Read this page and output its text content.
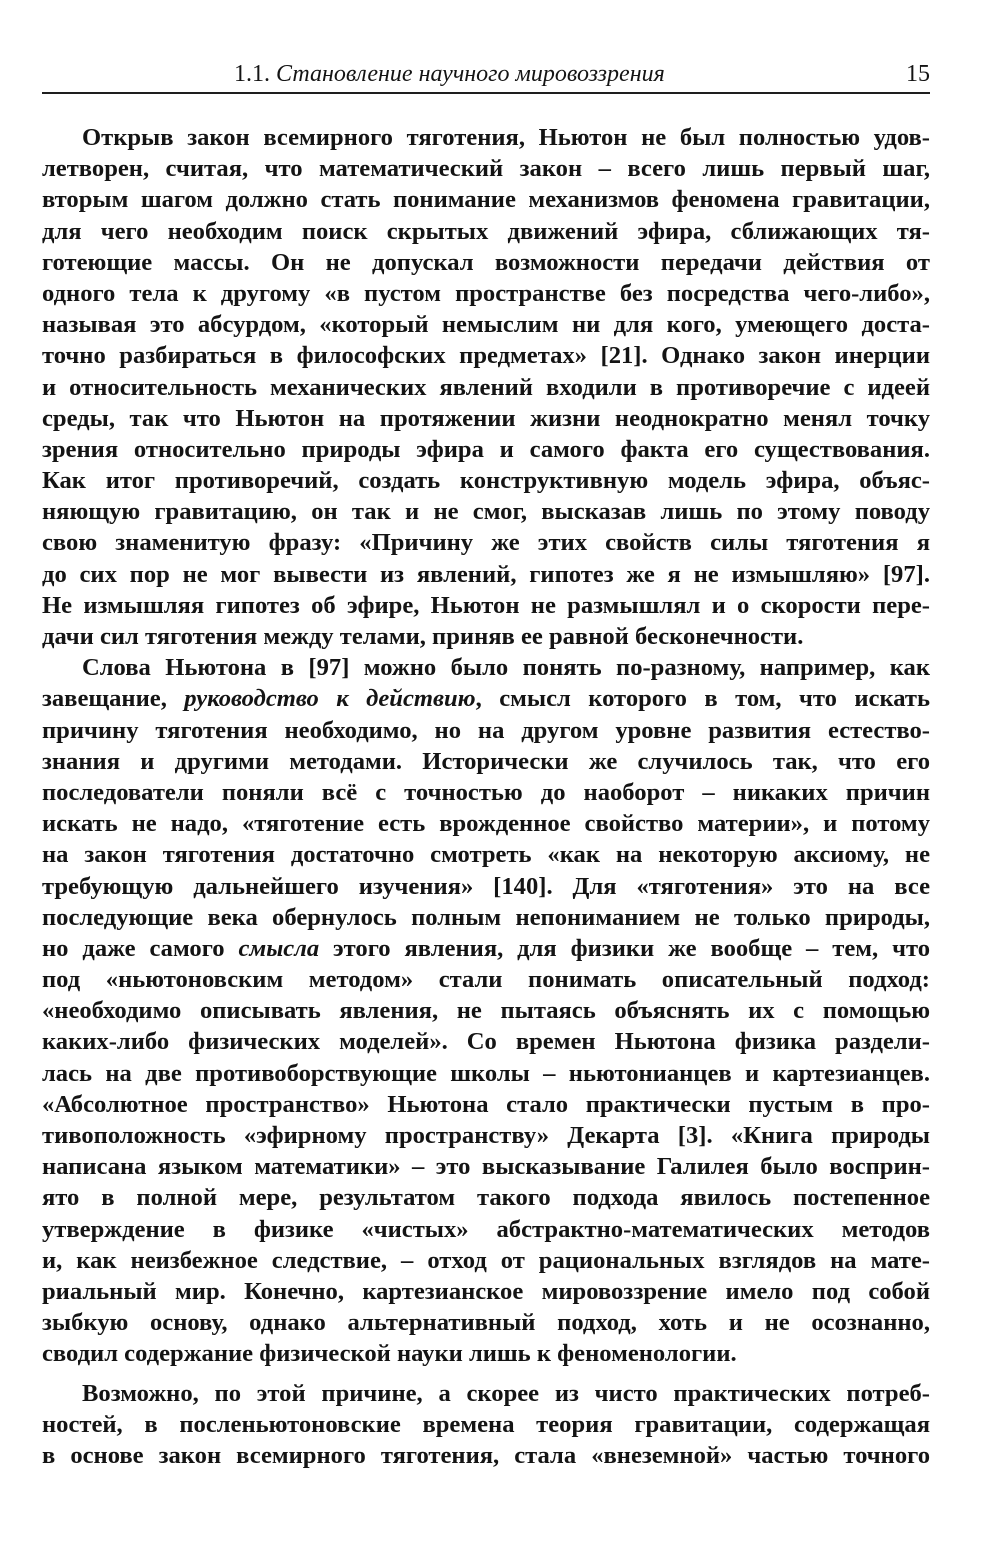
1.1. Становление научного мировоззрения	15
Открыв закон всемирного тяготения, Ньютон не был полностью удов-
летворен, считая, что математический закон – всего лишь первый шаг,
вторым шагом должно стать понимание механизмов феномена гравитации,
для чего необходим поиск скрытых движений эфира, сближающих тя-
готеющие массы. Он не допускал возможности передачи действия от
одного тела к другому «в пустом пространстве без посредства чего-либо»,
называя это абсурдом, «который немыслим ни для кого, умеющего доста-
точно разбираться в философских предметах» [21]. Однако закон инерции
и относительность механических явлений входили в противоречие с идеей
среды, так что Ньютон на протяжении жизни неоднократно менял точку
зрения относительно природы эфира и самого факта его существования.
Как итог противоречий, создать конструктивную модель эфира, объяс-
няющую гравитацию, он так и не смог, высказав лишь по этому поводу
свою знаменитую фразу: «Причину же этих свойств силы тяготения я
до сих пор не мог вывести из явлений, гипотез же я не измышляю» [97].
Не измышляя гипотез об эфире, Ньютон не размышлял и о скорости пере-
дачи сил тяготения между телами, приняв ее равной бесконечности.
Слова Ньютона в [97] можно было понять по-разному, например, как
завещание, руководство к действию, смысл которого в том, что искать
причину тяготения необходимо, но на другом уровне развития естество-
знания и другими методами. Исторически же случилось так, что его
последователи поняли всё с точностью до наоборот – никаких причин
искать не надо, «тяготение есть врожденное свойство материи», и потому
на закон тяготения достаточно смотреть «как на некоторую аксиому, не
требующую дальнейшего изучения» [140]. Для «тяготения» это на все
последующие века обернулось полным непониманием не только природы,
но даже самого смысла этого явления, для физики же вообще – тем, что
под «ньютоновским методом» стали понимать описательный подход:
«необходимо описывать явления, не пытаясь объяснять их с помощью
каких-либо физических моделей». Со времен Ньютона физика раздели-
лась на две противоборствующие школы – ньютонианцев и картезианцев.
«Абсолютное пространство» Ньютона стало практически пустым в про-
тивоположность «эфирному пространству» Декарта [3]. «Книга природы
написана языком математики» – это высказывание Галилея было восприн-
ято в полной мере, результатом такого подхода явилось постепенное
утверждение в физике «чистых» абстрактно-математических методов
и, как неизбежное следствие, – отход от рациональных взглядов на мате-
риальный мир. Конечно, картезианское мировоззрение имело под собой
зыбкую основу, однако альтернативный подход, хоть и не осознанно,
сводил содержание физической науки лишь к феноменологии.
Возможно, по этой причине, а скорее из чисто практических потреб-
ностей, в посленьютоновские времена теория гравитации, содержащая
в основе закон всемирного тяготения, стала «внеземной» частью точного
